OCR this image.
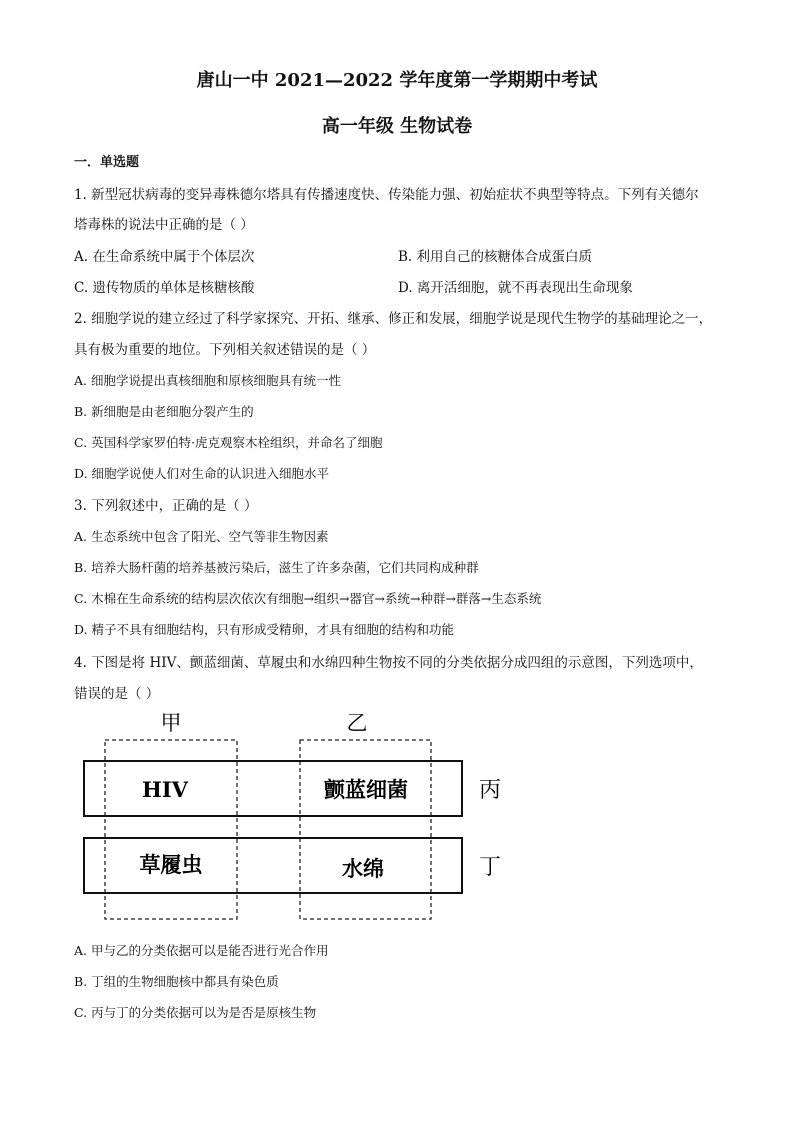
唐山一中 2021—2022 学年度第一学期期中考试
高一年级 生物试卷
一．单选题
1. 新型冠状病毒的变异毒株德尔塔具有传播速度快、传染能力强、初始症状不典型等特点。下列有关德尔
塔毒株的说法中正确的是（ ）
A. 在生命系统中属于个体层次	B. 利用自己的核糖体合成蛋白质
C. 遗传物质的单体是核糖核酸	D. 离开活细胞，就不再表现出生命现象
2. 细胞学说的建立经过了科学家探究、开拓、继承、修正和发展，细胞学说是现代生物学的基础理论之一，
具有极为重要的地位。下列相关叙述错误的是（ ）
A. 细胞学说提出真核细胞和原核细胞具有统一性
B. 新细胞是由老细胞分裂产生的
C. 英国科学家罗伯特·虎克观察木栓组织，并命名了细胞
D. 细胞学说使人们对生命的认识进入细胞水平
3. 下列叙述中，正确的是（ ）
A. 生态系统中包含了阳光、空气等非生物因素
B. 培养大肠杆菌的培养基被污染后，滋生了许多杂菌，它们共同构成种群
C. 木棉在生命系统的结构层次依次有细胞→组织→器官→系统→种群→群落→生态系统
D. 精子不具有细胞结构，只有形成受精卵，才具有细胞的结构和功能
4. 下图是将 HIV、颤蓝细菌、草履虫和水绵四种生物按不同的分类依据分成四组的示意图，下列选项中，
错误的是（ ）
甲	乙
丙
丁
HIV	颤蓝细菌
草履虫	水绵
A. 甲与乙的分类依据可以是能否进行光合作用
B. 丁组的生物细胞核中都具有染色质
C. 丙与丁的分类依据可以为是否是原核生物
